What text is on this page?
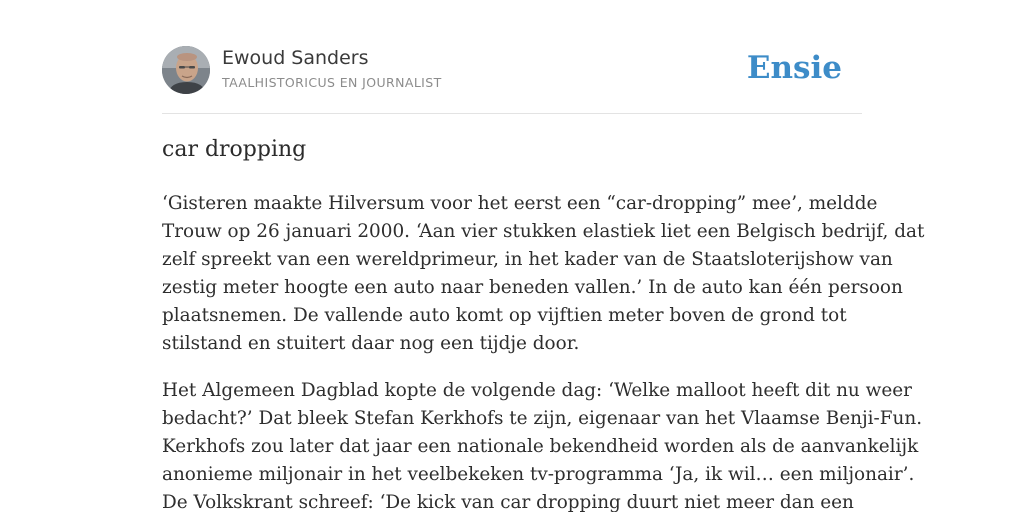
Ewoud Sanders
TAALHISTORICUS EN JOURNALIST	Ensie
car dropping

‘Gisteren maakte Hilversum voor het eerst een “car-dropping” mee’, meldde
Trouw op 26 januari 2000. ‘Aan vier stukken elastiek liet een Belgisch bedrijf, dat
zelf spreekt van een wereldprimeur, in het kader van de Staatsloterijshow van
zestig meter hoogte een auto naar beneden vallen.’ In de auto kan één persoon
plaatsnemen. De vallende auto komt op vijftien meter boven de grond tot
stilstand en stuitert daar nog een tijdje door.

Het Algemeen Dagblad kopte de volgende dag: ‘Welke malloot heeft dit nu weer
bedacht?’ Dat bleek Stefan Kerkhofs te zijn, eigenaar van het Vlaamse Benji-Fun.
Kerkhofs zou later dat jaar een nationale bekendheid worden als de aanvankelijk
anonieme miljonair in het veelbekeken tv-programma ‘Ja, ik wil… een miljonair’.
De Volkskrant schreef: ‘De kick van car dropping duurt niet meer dan een
